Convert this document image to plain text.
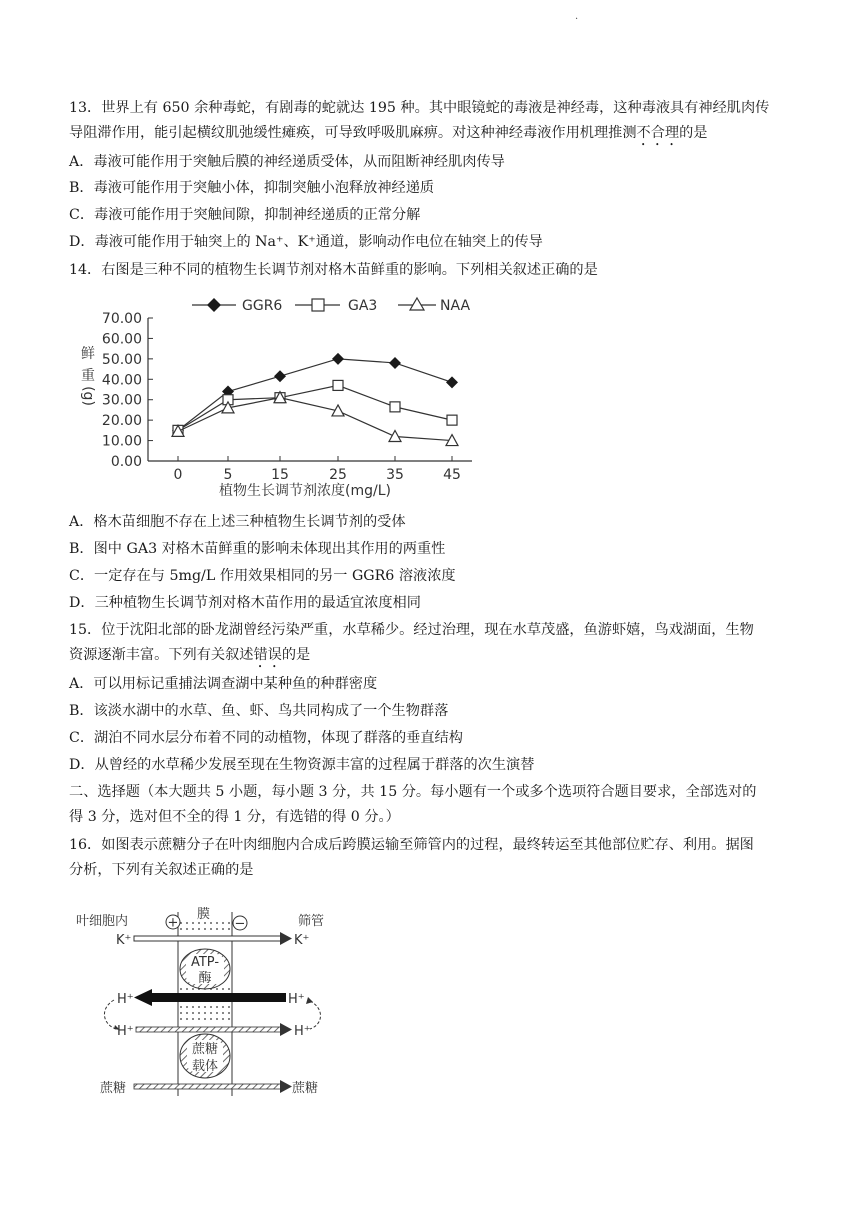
·
13．世界上有 650 余种毒蛇，有剧毒的蛇就达 195 种。其中眼镜蛇的毒液是神经毒，这种毒液具有神经肌肉传
导阻滞作用，能引起横纹肌弛缓性瘫痪，可导致呼吸肌麻痹。对这种神经毒液作用机理推测不合理的是
A．毒液可能作用于突触后膜的神经递质受体，从而阻断神经肌肉传导
B．毒液可能作用于突触小体，抑制突触小泡释放神经递质
C．毒液可能作用于突触间隙，抑制神经递质的正常分解
D．毒液可能作用于轴突上的 Na⁺、K⁺通道，影响动作电位在轴突上的传导
14．右图是三种不同的植物生长调节剂对格木苗鲜重的影响。下列相关叙述正确的是
GGR6	GA3	NAA
0.00
10.00
20.00
30.00
40.00
50.00
60.00
70.00
0	5	15	25	35	45
鲜
重
(g)
植物生长调节剂浓度(mg/L)
A．格木苗细胞不存在上述三种植物生长调节剂的受体
B．图中 GA3 对格木苗鲜重的影响未体现出其作用的两重性
C．一定存在与 5mg/L 作用效果相同的另一 GGR6 溶液浓度
D．三种植物生长调节剂对格木苗作用的最适宜浓度相同
15．位于沈阳北部的卧龙湖曾经污染严重，水草稀少。经过治理，现在水草茂盛，鱼游虾嬉，鸟戏湖面，生物
资源逐渐丰富。下列有关叙述错误的是
A．可以用标记重捕法调查湖中某种鱼的种群密度
B．该淡水湖中的水草、鱼、虾、鸟共同构成了一个生物群落
C．湖泊不同水层分布着不同的动植物，体现了群落的垂直结构
D．从曾经的水草稀少发展至现在生物资源丰富的过程属于群落的次生演替
二、选择题（本大题共 5 小题，每小题 3 分，共 15 分。每小题有一个或多个选项符合题目要求，全部选对的
得 3 分，选对但不全的得 1 分，有选错的得 0 分。）
16．如图表示蔗糖分子在叶肉细胞内合成后跨膜运输至筛管内的过程，最终转运至其他部位贮存、利用。据图
分析，下列有关叙述正确的是
叶细胞内	+
膜
−	筛管
K⁺	K⁺
ATP-
酶
H⁺	H⁺
H⁺	H⁺
蔗糖
载体
蔗糖	蔗糖
